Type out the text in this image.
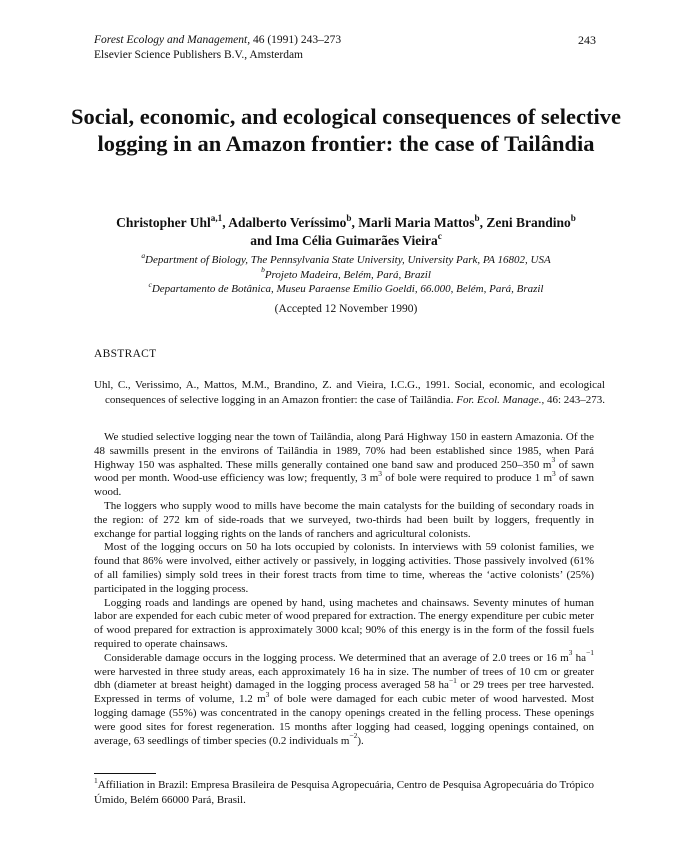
Forest Ecology and Management, 46 (1991) 243–273
Elsevier Science Publishers B.V., Amsterdam
243
Social, economic, and ecological consequences of selective logging in an Amazon frontier: the case of Tailândia
Christopher Uhl$^{a,1}$, Adalberto Veríssimo$^b$, Marli Maria Mattos$^b$, Zeni Brandino$^b$
and Ima Célia Guimarães Vieira$^c$
$^a$Department of Biology, The Pennsylvania State University, University Park, PA 16802, USA
$^b$Projeto Madeira, Belém, Pará, Brazil
$^c$Departamento de Botânica, Museu Paraense Emílio Goeldi, 66.000, Belém, Pará, Brazil
(Accepted 12 November 1990)
ABSTRACT
Uhl, C., Verissimo, A., Mattos, M.M., Brandino, Z. and Vieira, I.C.G., 1991. Social, economic, and ecological consequences of selective logging in an Amazon frontier: the case of Tailândia. For. Ecol. Manage., 46: 243–273.

We studied selective logging near the town of Tailândia, along Pará Highway 150 in eastern Amazonia. Of the 48 sawmills present in the environs of Tailândia in 1989, 70% had been established since 1985, when Pará Highway 150 was asphalted. These mills generally contained one band saw and produced 250–350 $m^3$ of sawn wood per month. Wood-use efficiency was low; frequently, 3 $m^3$ of bole were required to produce 1 $m^3$ of sawn wood.

The loggers who supply wood to mills have become the main catalysts for the building of secondary roads in the region: of 272 km of side-roads that we surveyed, two-thirds had been built by loggers, frequently in exchange for partial logging rights on the lands of ranchers and agricultural colonists.

Most of the logging occurs on 50 ha lots occupied by colonists. In interviews with 59 colonist families, we found that 86% were involved, either actively or passively, in logging activities. Those passively involved (61% of all families) simply sold trees in their forest tracts from time to time, whereas the ‘active colonists’ (25%) participated in the logging process.

Logging roads and landings are opened by hand, using machetes and chainsaws. Seventy minutes of human labor are expended for each cubic meter of wood prepared for extraction. The energy expenditure per cubic meter of wood prepared for extraction is approximately 3000 kcal; 90% of this energy is in the form of the fossil fuels required to operate chainsaws.

Considerable damage occurs in the logging process. We determined that an average of 2.0 trees or 16 $m^3$ $ha^{-1}$ were harvested in three study areas, each approximately 16 ha in size. The number of trees of 10 cm or greater dbh (diameter at breast height) damaged in the logging process averaged 58 $ha^{-1}$ or 29 trees per tree harvested. Expressed in terms of volume, 1.2 $m^3$ of bole were damaged for each cubic meter of wood harvested. Most logging damage (55%) was concentrated in the canopy openings created in the felling process. These openings were good sites for forest regeneration. 15 months after logging had ceased, logging openings contained, on average, 63 seedlings of timber species (0.2 individuals $m^{-2}$).

$^1$Affiliation in Brazil: Empresa Brasileira de Pesquisa Agropecuária, Centro de Pesquisa Agropecuária do Trópico Úmido, Belém 66000 Pará, Brasil.
